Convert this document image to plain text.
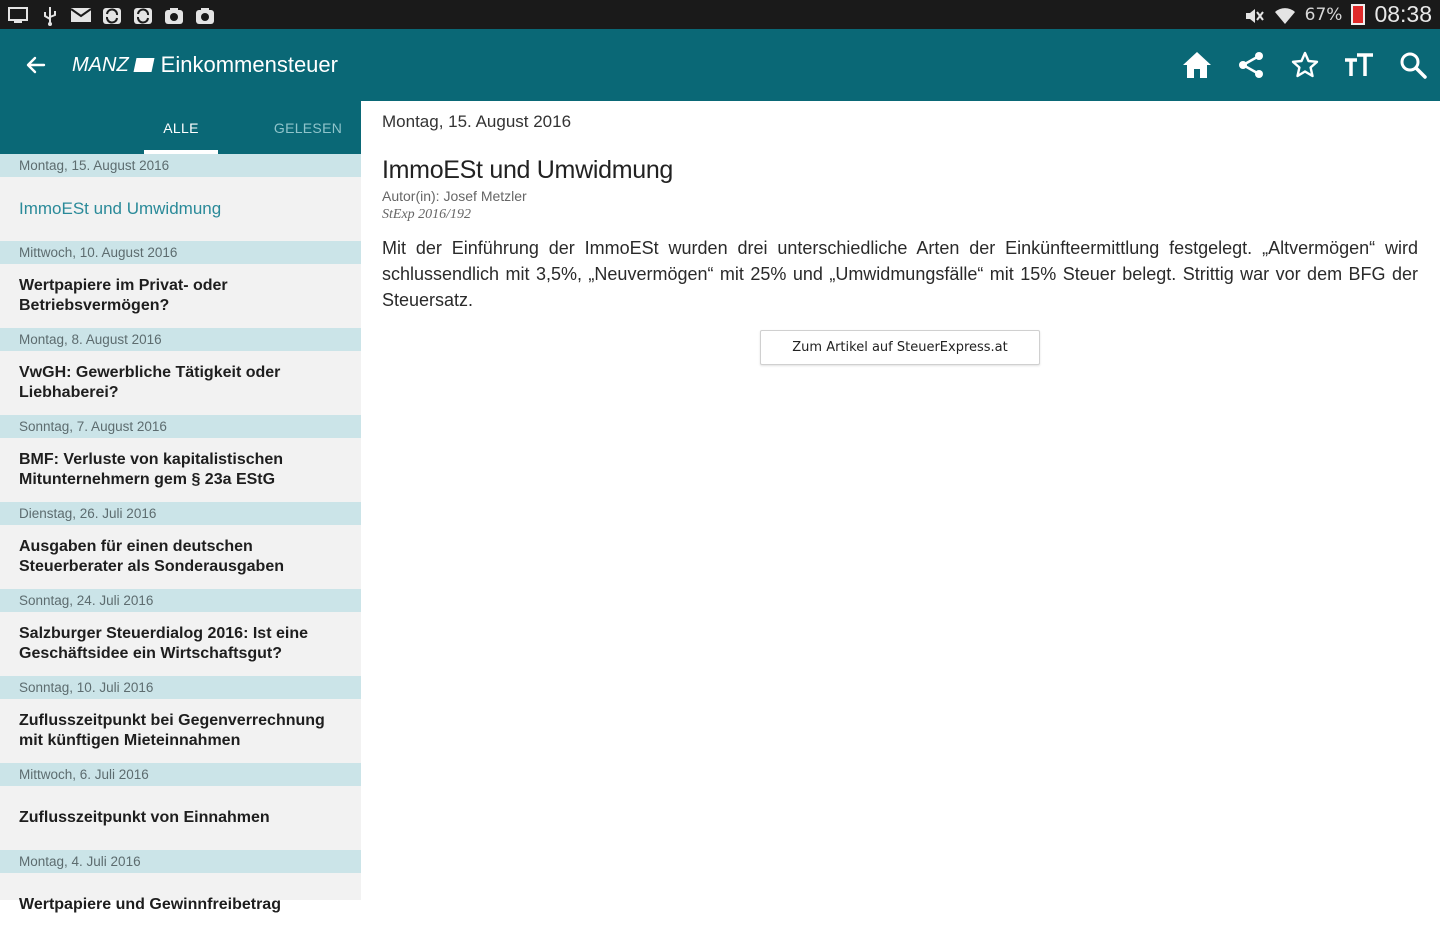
67% 08:38
MANZ Einkommensteuer
ALLE	GELESEN
Montag, 15. August 2016
ImmoESt und Umwidmung
Mittwoch, 10. August 2016
Wertpapiere im Privat- oder Betriebsvermögen?
Montag, 8. August 2016
VwGH: Gewerbliche Tätigkeit oder Liebhaberei?
Sonntag, 7. August 2016
BMF: Verluste von kapitalistischen Mitunternehmern gem § 23a EStG
Dienstag, 26. Juli 2016
Ausgaben für einen deutschen Steuerberater als Sonderausgaben
Sonntag, 24. Juli 2016
Salzburger Steuerdialog 2016: Ist eine Geschäftsidee ein Wirtschaftsgut?
Sonntag, 10. Juli 2016
Zuflusszeitpunkt bei Gegenverrechnung mit künftigen Mieteinnahmen
Mittwoch, 6. Juli 2016
Zuflusszeitpunkt von Einnahmen
Montag, 4. Juli 2016
Wertpapiere und Gewinnfreibetrag
Montag, 15. August 2016
ImmoESt und Umwidmung
Autor(in): Josef Metzler
StExp 2016/192
Mit der Einführung der ImmoESt wurden drei unterschiedliche Arten der Einkünfteermittlung festgelegt. „Altvermögen“ wird schlussendlich mit 3,5%, „Neuvermögen“ mit 25% und „Umwidmungsfälle“ mit 15% Steuer belegt. Strittig war vor dem BFG der Steuersatz.
Zum Artikel auf SteuerExpress.at
